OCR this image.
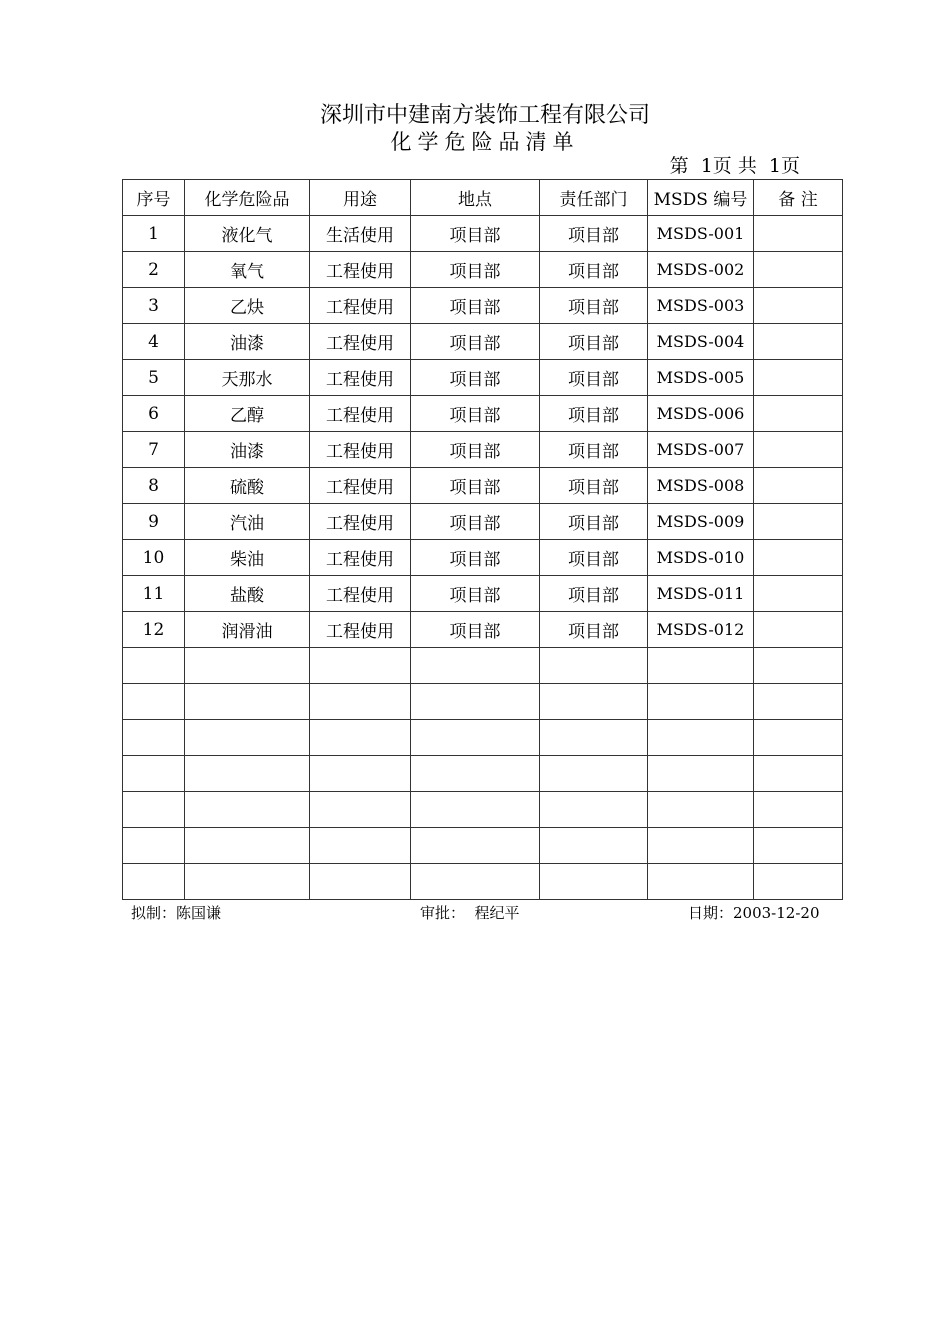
深圳市中建南方装饰工程有限公司
化学危险品清单
第  1页 共  1页
序号	化学危险品	用途	地点	责任部门	MSDS 编号	备 注
1	液化气	生活使用	项目部	项目部	MSDS-001	
2	氧气	工程使用	项目部	项目部	MSDS-002	
3	乙炔	工程使用	项目部	项目部	MSDS-003	
4	油漆	工程使用	项目部	项目部	MSDS-004	
5	天那水	工程使用	项目部	项目部	MSDS-005	
6	乙醇	工程使用	项目部	项目部	MSDS-006	
7	油漆	工程使用	项目部	项目部	MSDS-007	
8	硫酸	工程使用	项目部	项目部	MSDS-008	
9	汽油	工程使用	项目部	项目部	MSDS-009	
10	柴油	工程使用	项目部	项目部	MSDS-010	
11	盐酸	工程使用	项目部	项目部	MSDS-011	
12	润滑油	工程使用	项目部	项目部	MSDS-012	

拟制：陈国谦	审批：  程纪平	日期：2003-12-20
